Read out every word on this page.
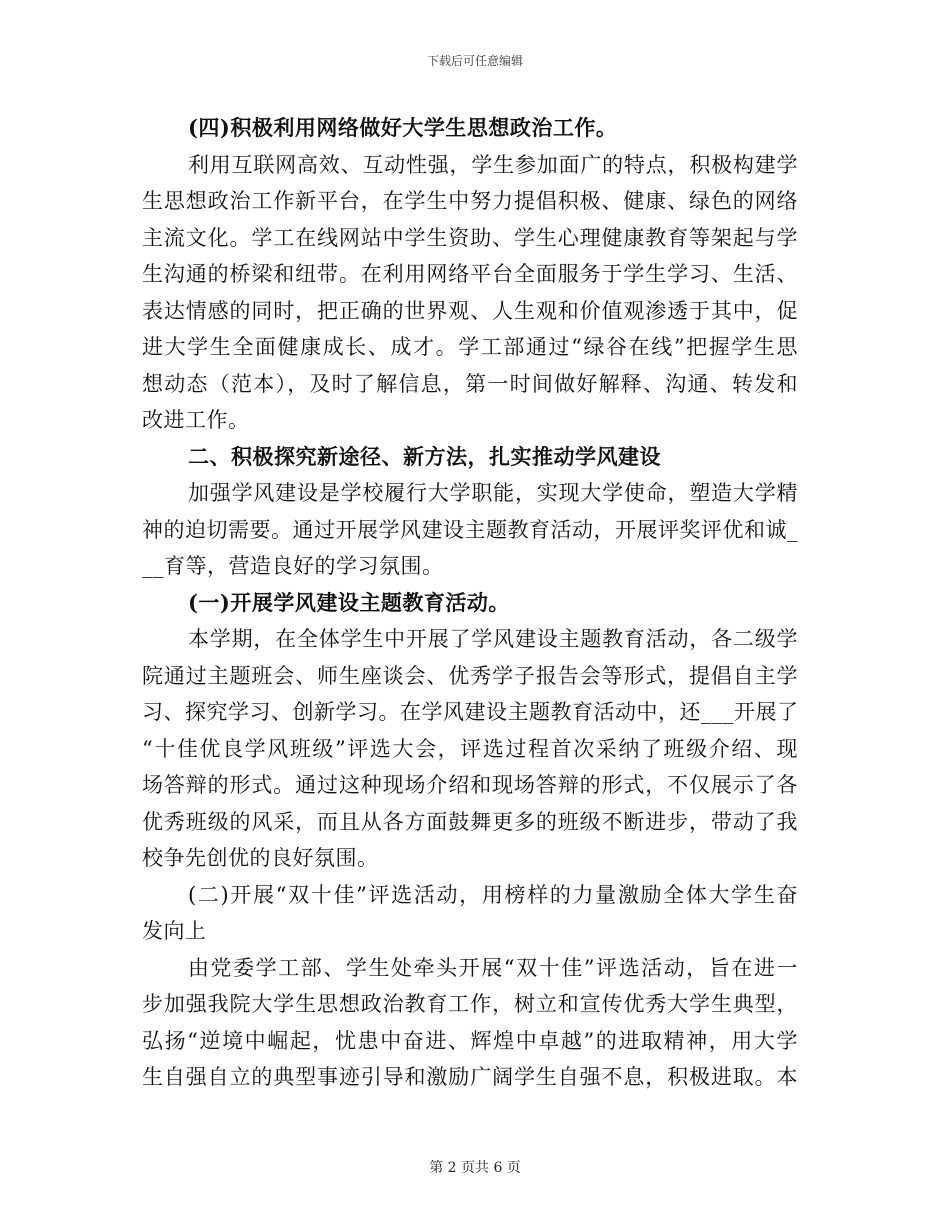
下载后可任意编辑
(四)积极利用网络做好大学生思想政治工作。
利用互联网高效、互动性强，学生参加面广的特点，积极构建学
生思想政治工作新平台，在学生中努力提倡积极、健康、绿色的网络
主流文化。学工在线网站中学生资助、学生心理健康教育等架起与学
生沟通的桥梁和纽带。在利用网络平台全面服务于学生学习、生活、
表达情感的同时，把正确的世界观、人生观和价值观渗透于其中，促
进大学生全面健康成长、成才。学工部通过“绿谷在线”把握学生思
想动态（范本），及时了解信息，第一时间做好解释、沟通、转发和
改进工作。
二、积极探究新途径、新方法，扎实推动学风建设
加强学风建设是学校履行大学职能，实现大学使命，塑造大学精
神的迫切需要。通过开展学风建设主题教育活动，开展评奖评优和诚_
__育等，营造良好的学习氛围。
(一)开展学风建设主题教育活动。
本学期，在全体学生中开展了学风建设主题教育活动，各二级学
院通过主题班会、师生座谈会、优秀学子报告会等形式，提倡自主学
习、探究学习、创新学习。在学风建设主题教育活动中，还___开展了
“十佳优良学风班级”评选大会，评选过程首次采纳了班级介绍、现
场答辩的形式。通过这种现场介绍和现场答辩的形式，不仅展示了各
优秀班级的风采，而且从各方面鼓舞更多的班级不断进步，带动了我
校争先创优的良好氛围。
(二)开展“双十佳”评选活动，用榜样的力量激励全体大学生奋
发向上
由党委学工部、学生处牵头开展“双十佳”评选活动，旨在进一
步加强我院大学生思想政治教育工作，树立和宣传优秀大学生典型，
弘扬“逆境中崛起，忧患中奋进、辉煌中卓越”的进取精神，用大学
生自强自立的典型事迹引导和激励广阔学生自强不息，积极进取。本
第 2 页共 6 页
